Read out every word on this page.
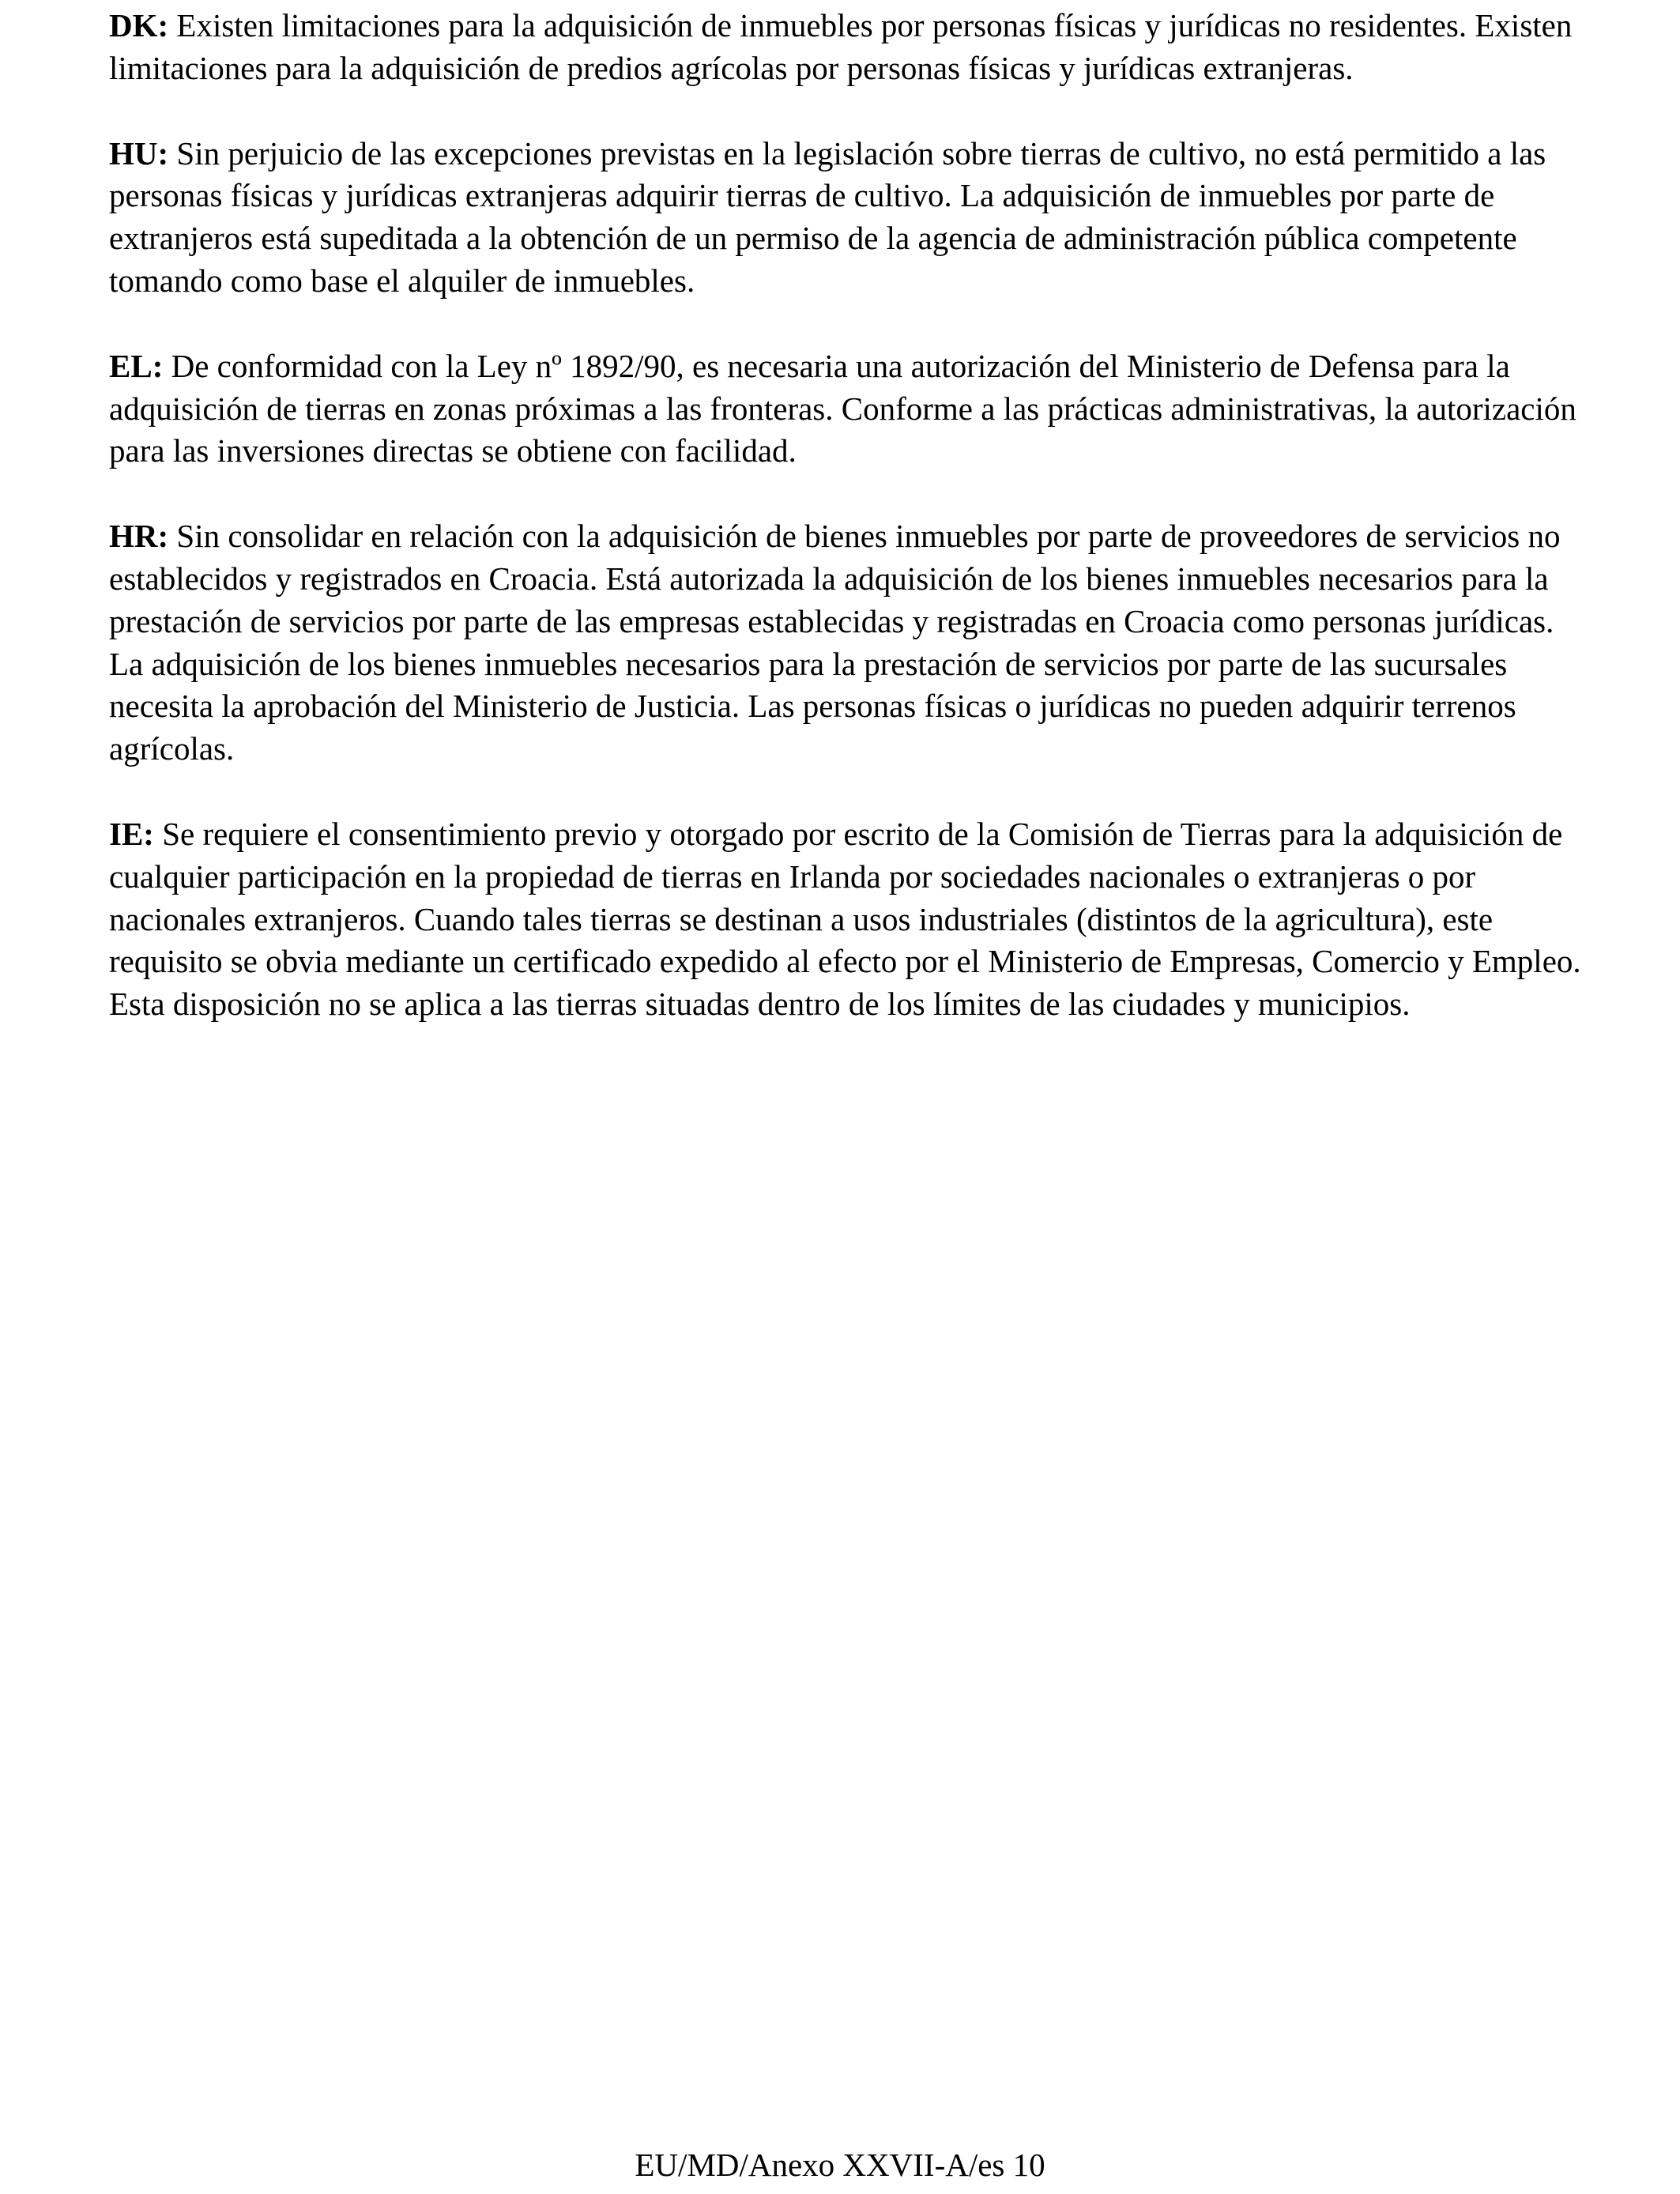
DK: Existen limitaciones para la adquisición de inmuebles por personas físicas y jurídicas no residentes. Existen limitaciones para la adquisición de predios agrícolas por personas físicas y jurídicas extranjeras.

HU: Sin perjuicio de las excepciones previstas en la legislación sobre tierras de cultivo, no está permitido a las personas físicas y jurídicas extranjeras adquirir tierras de cultivo. La adquisición de inmuebles por parte de extranjeros está supeditada a la obtención de un permiso de la agencia de administración pública competente tomando como base el alquiler de inmuebles.

EL: De conformidad con la Ley nº 1892/90, es necesaria una autorización del Ministerio de Defensa para la adquisición de tierras en zonas próximas a las fronteras. Conforme a las prácticas administrativas, la autorización para las inversiones directas se obtiene con facilidad.

HR: Sin consolidar en relación con la adquisición de bienes inmuebles por parte de proveedores de servicios no establecidos y registrados en Croacia. Está autorizada la adquisición de los bienes inmuebles necesarios para la prestación de servicios por parte de las empresas establecidas y registradas en Croacia como personas jurídicas. La adquisición de los bienes inmuebles necesarios para la prestación de servicios por parte de las sucursales necesita la aprobación del Ministerio de Justicia. Las personas físicas o jurídicas no pueden adquirir terrenos agrícolas.

IE: Se requiere el consentimiento previo y otorgado por escrito de la Comisión de Tierras para la adquisición de cualquier participación en la propiedad de tierras en Irlanda por sociedades nacionales o extranjeras o por nacionales extranjeros. Cuando tales tierras se destinan a usos industriales (distintos de la agricultura), este requisito se obvia mediante un certificado expedido al efecto por el Ministerio de Empresas, Comercio y Empleo. Esta disposición no se aplica a las tierras situadas dentro de los límites de las ciudades y municipios.

EU/MD/Anexo XXVII-A/es 10
